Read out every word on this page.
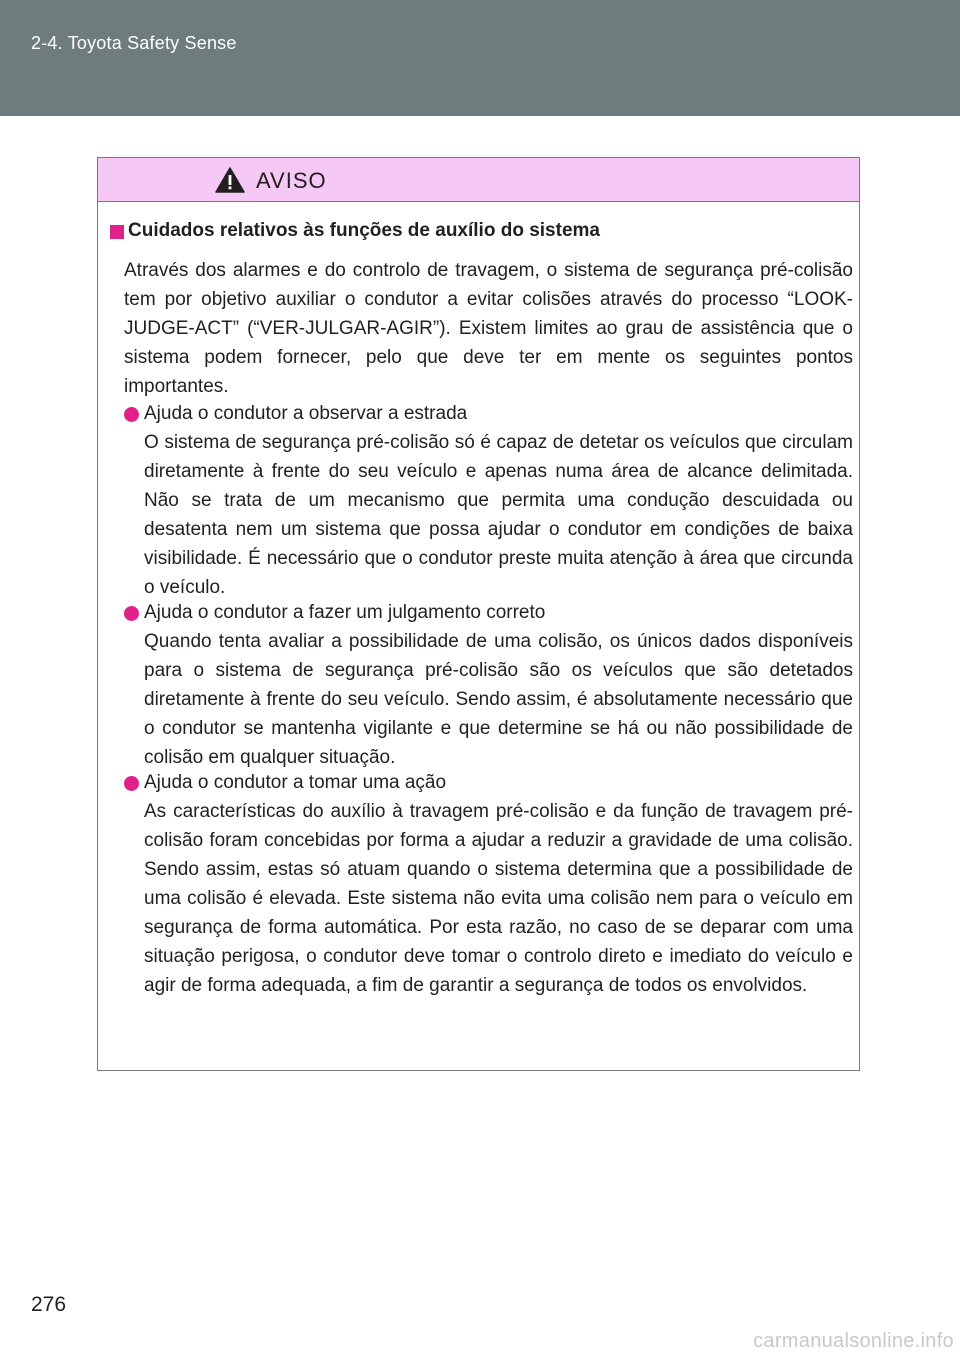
2-4. Toyota Safety Sense
AVISO
Cuidados relativos às funções de auxílio do sistema
Através dos alarmes e do controlo de travagem, o sistema de segurança pré-colisão tem por objetivo auxiliar o condutor a evitar colisões através do processo “LOOK-JUDGE-ACT” (“VER-JULGAR-AGIR”). Existem limites ao grau de assistência que o sistema podem fornecer, pelo que deve ter em mente os seguintes pontos importantes.
Ajuda o condutor a observar a estrada
O sistema de segurança pré-colisão só é capaz de detetar os veículos que circulam diretamente à frente do seu veículo e apenas numa área de alcance delimitada. Não se trata de um mecanismo que permita uma condução descuidada ou desatenta nem um sistema que possa ajudar o condutor em condições de baixa visibilidade. É necessário que o condutor preste muita atenção à área que circunda o veículo.
Ajuda o condutor a fazer um julgamento correto
Quando tenta avaliar a possibilidade de uma colisão, os únicos dados disponíveis para o sistema de segurança pré-colisão são os veículos que são detetados diretamente à frente do seu veículo. Sendo assim, é absolutamente necessário que o condutor se mantenha vigilante e que determine se há ou não possibilidade de colisão em qualquer situação.
Ajuda o condutor a tomar uma ação
As características do auxílio à travagem pré-colisão e da função de travagem pré-colisão foram concebidas por forma a ajudar a reduzir a gravidade de uma colisão. Sendo assim, estas só atuam quando o sistema determina que a possibilidade de uma colisão é elevada. Este sistema não evita uma colisão nem para o veículo em segurança de forma automática. Por esta razão, no caso de se deparar com uma situação perigosa, o condutor deve tomar o controlo direto e imediato do veículo e agir de forma adequada, a fim de garantir a segurança de todos os envolvidos.
276
carmanualsonline.info
